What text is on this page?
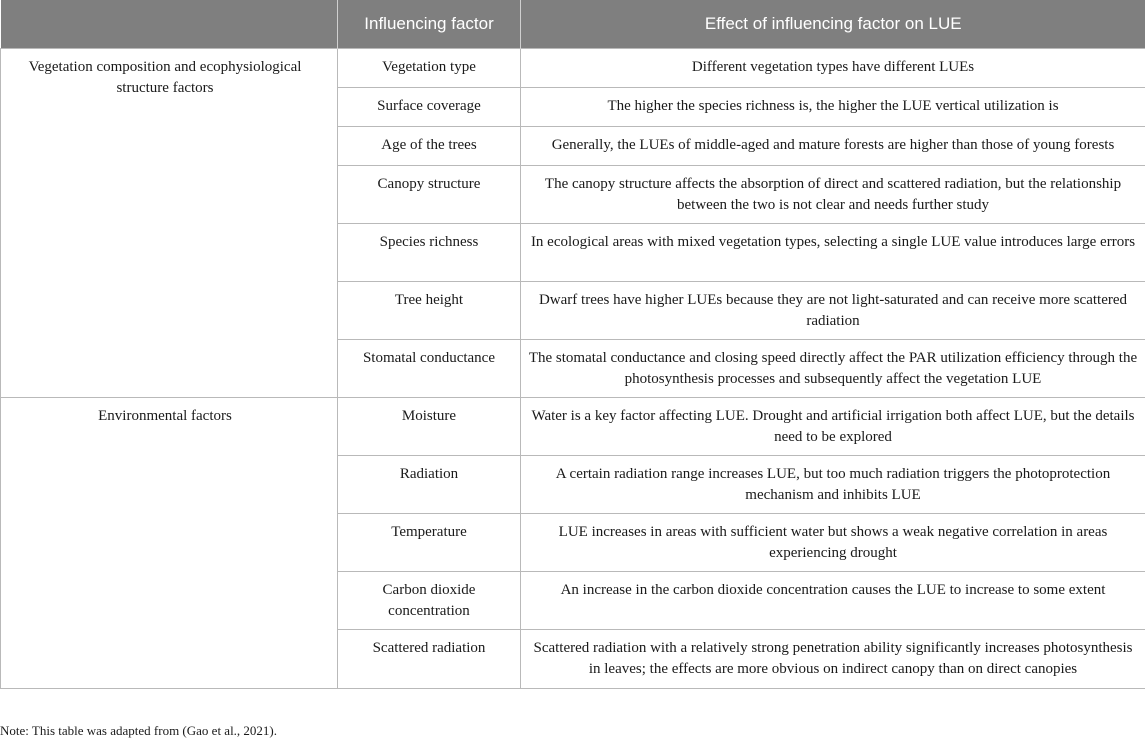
	Influencing factor	Effect of influencing factor on LUE
Vegetation composition and ecophysiological structure factors	Vegetation type	Different vegetation types have different LUEs
	Surface coverage	The higher the species richness is, the higher the LUE vertical utilization is
	Age of the trees	Generally, the LUEs of middle-aged and mature forests are higher than those of young forests
	Canopy structure	The canopy structure affects the absorption of direct and scattered radiation, but the relationship between the two is not clear and needs further study
	Species richness	In ecological areas with mixed vegetation types, selecting a single LUE value introduces large errors
	Tree height	Dwarf trees have higher LUEs because they are not light-saturated and can receive more scattered radiation
	Stomatal conductance	The stomatal conductance and closing speed directly affect the PAR utilization efficiency through the photosynthesis processes and subsequently affect the vegetation LUE
Environmental factors	Moisture	Water is a key factor affecting LUE. Drought and artificial irrigation both affect LUE, but the details need to be explored
	Radiation	A certain radiation range increases LUE, but too much radiation triggers the photoprotection mechanism and inhibits LUE
	Temperature	LUE increases in areas with sufficient water but shows a weak negative correlation in areas experiencing drought
	Carbon dioxide concentration	An increase in the carbon dioxide concentration causes the LUE to increase to some extent
	Scattered radiation	Scattered radiation with a relatively strong penetration ability significantly increases photosynthesis in leaves; the effects are more obvious on indirect canopy than on direct canopies
Note: This table was adapted from (Gao et al., 2021).
